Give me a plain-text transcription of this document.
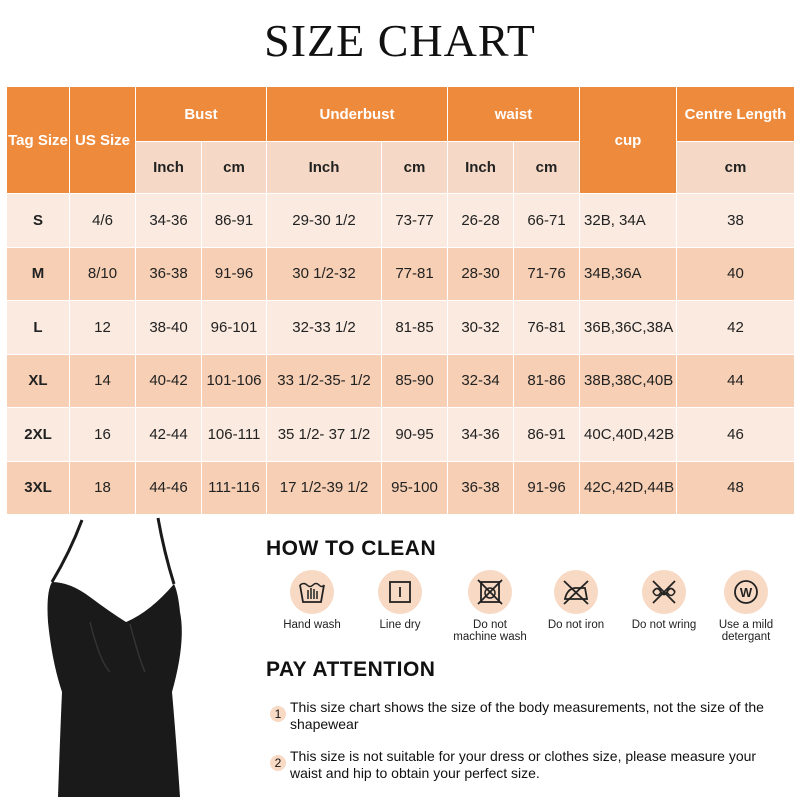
SIZE CHART
Tag Size	US Size	Bust		Underbust		waist		cup	Centre Length
		Inch	cm	Inch	cm	Inch	cm		cm
S	4/6	34-36	86-91	29-30 1/2	73-77	26-28	66-71	32B, 34A	38
M	8/10	36-38	91-96	30 1/2-32	77-81	28-30	71-76	34B,36A	40
L	12	38-40	96-101	32-33 1/2	81-85	30-32	76-81	36B,36C,38A	42
XL	14	40-42	101-106	33 1/2-35- 1/2	85-90	32-34	81-86	38B,38C,40B	44
2XL	16	42-44	106-111	35 1/2- 37 1/2	90-95	34-36	86-91	40C,40D,42B	46
3XL	18	44-46	111-116	17 1/2-39 1/2	95-100	36-38	91-96	42C,42D,44B	48
HOW TO CLEAN
Hand wash	Line dry	Do not machine wash
Do not iron	Do not wring
W
Use a mild detergant
PAY ATTENTION
1 This size chart shows the size of the body measurements, not the size of the shapewear
2 This size is not suitable for your dress or clothes size, please measure your waist and hip to obtain your perfect size.
